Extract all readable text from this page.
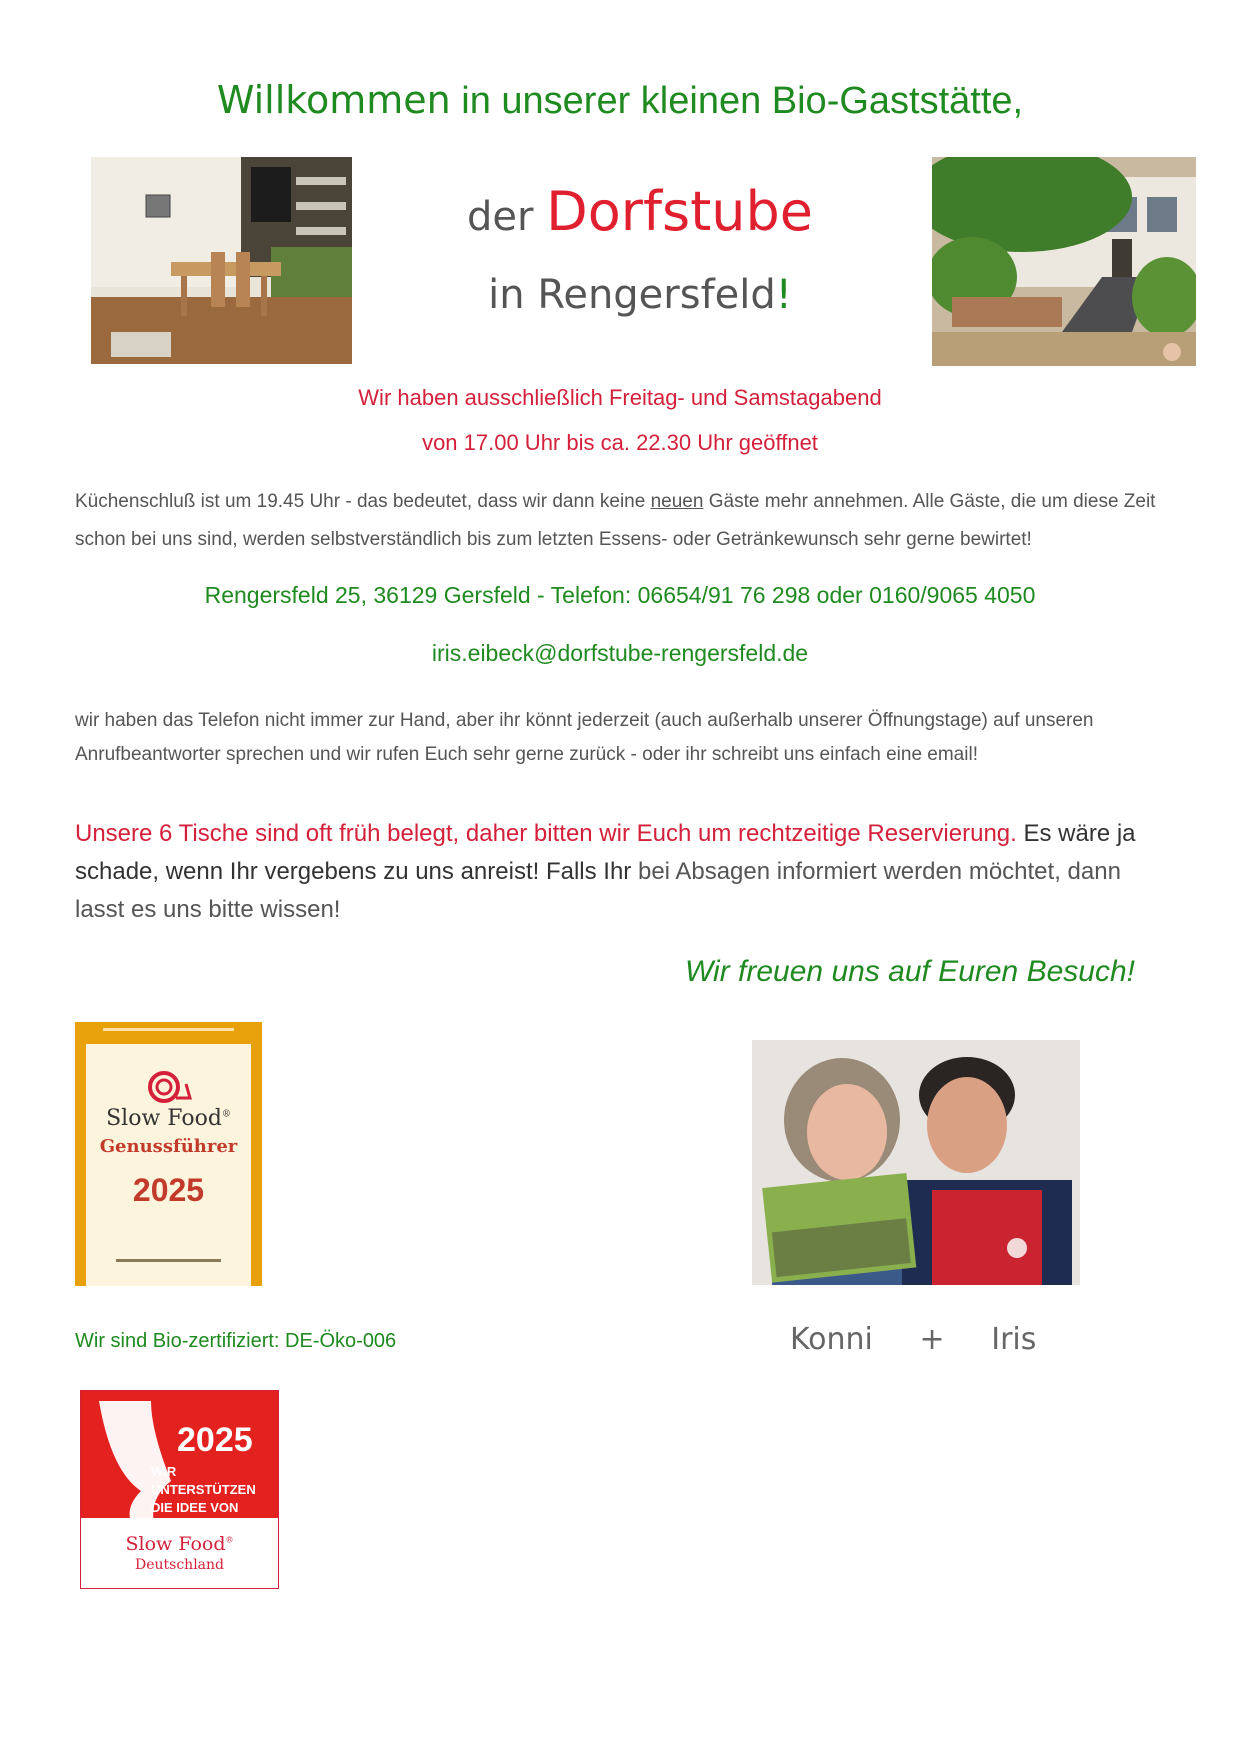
Willkommen in unserer kleinen Bio-Gaststätte,
der Dorfstube
in Rengersfeld!
Wir haben ausschließlich Freitag- und Samstagabend
von 17.00 Uhr bis ca. 22.30 Uhr geöffnet
Küchenschluß ist um 19.45 Uhr - das bedeutet, dass wir dann keine neuen Gäste mehr annehmen. Alle Gäste, die um diese Zeit schon bei uns sind, werden selbstverständlich bis zum letzten Essens- oder Getränkewunsch sehr gerne bewirtet!
Rengersfeld 25, 36129 Gersfeld - Telefon: 06654/91 76 298 oder 0160/9065 4050
iris.eibeck@dorfstube-rengersfeld.de
wir haben das Telefon nicht immer zur Hand, aber ihr könnt jederzeit (auch außerhalb unserer Öffnungstage) auf unseren Anrufbeantworter sprechen und wir rufen Euch sehr gerne zurück - oder ihr schreibt uns einfach eine email!
Unsere 6 Tische sind oft früh belegt, daher bitten wir Euch um rechtzeitige Reservierung. Es wäre ja schade, wenn Ihr vergebens zu uns anreist! Falls Ihr bei Absagen informiert werden möchtet, dann lasst es uns bitte wissen!
Wir freuen uns auf Euren Besuch!
Slow Food®
Genussführer
2025
Wir sind Bio-zertifiziert: DE-Öko-006	Konni   +   Iris
2025
WIR
UNTERSTÜTZEN
DIE IDEE VON
Slow Food®
Deutschland
